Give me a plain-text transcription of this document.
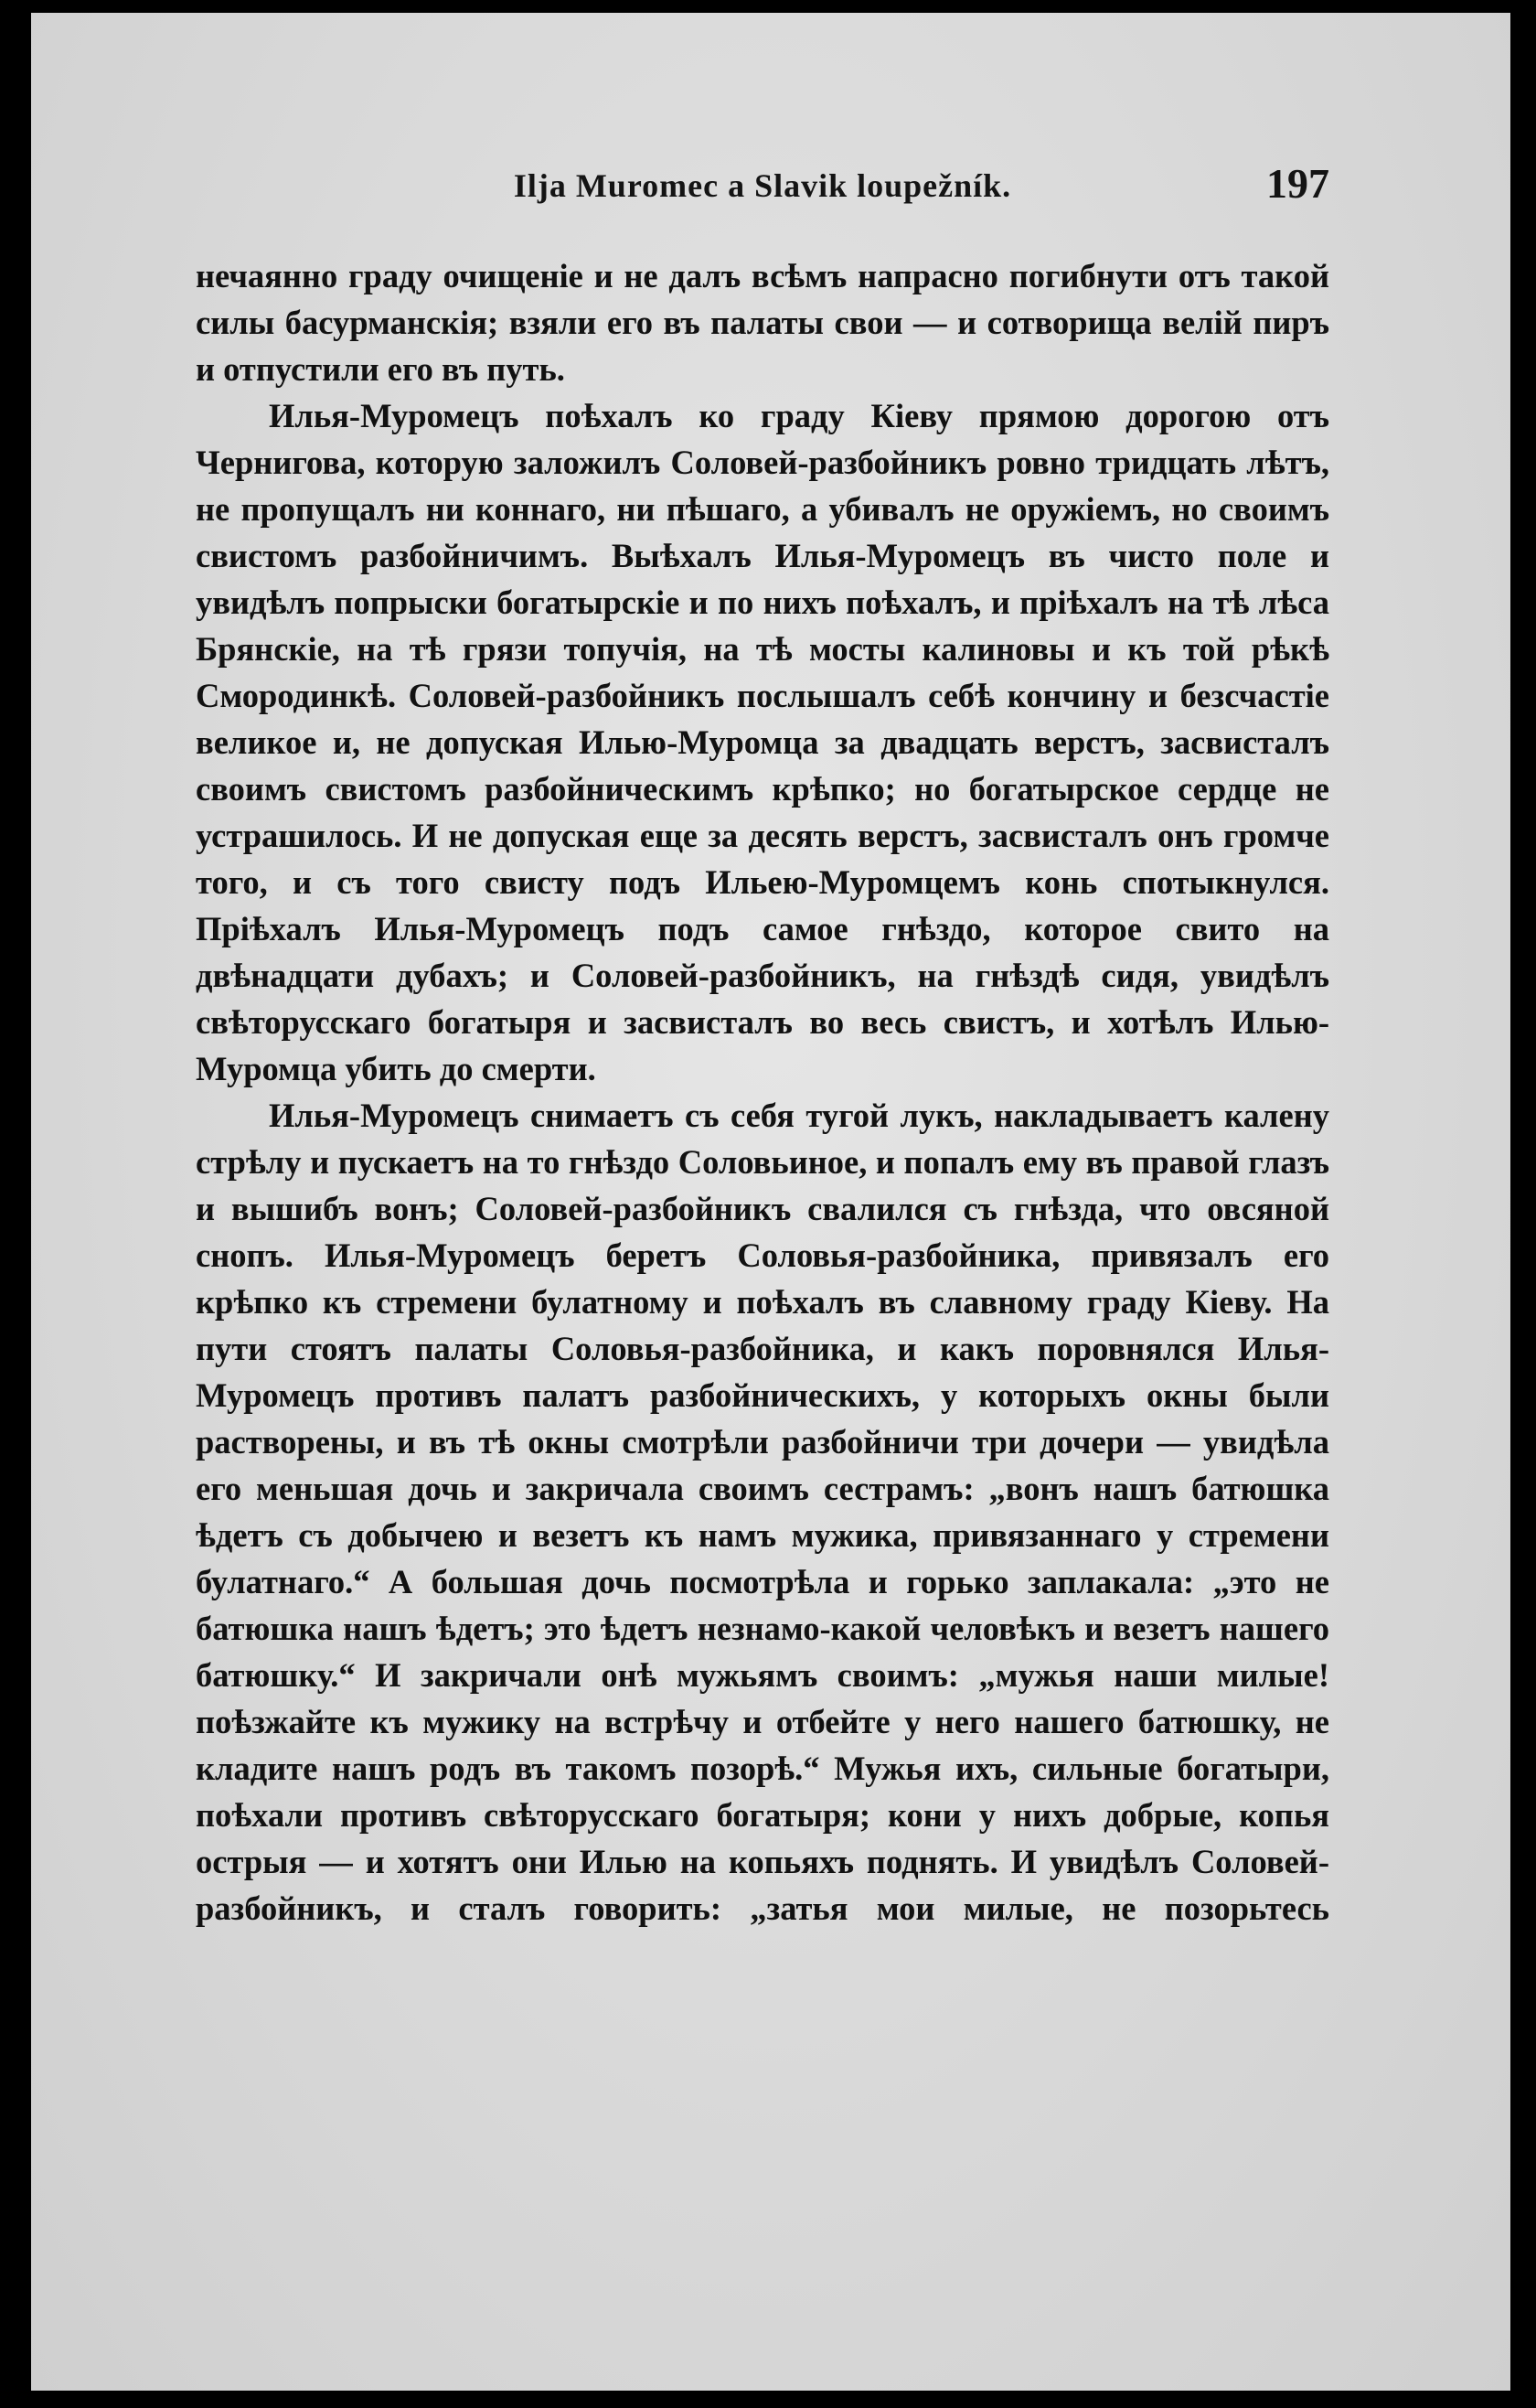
Ilja Muromec a Slavik loupežník.	197

нечаянно граду очищеніе и не далъ всѣмъ напрасно погибнути отъ такой силы басурманскія; взяли его въ палаты свои — и сотворища велій пиръ и отпустили его въ путь.

Илья-Муромецъ поѣхалъ ко граду Кіеву прямою дорогою отъ Чернигова, которую заложилъ Соловей-разбойникъ ровно тридцать лѣтъ, не пропущалъ ни коннаго, ни пѣшаго, а убивалъ не оружіемъ, но своимъ свистомъ разбойничимъ. Выѣхалъ Илья-Муромецъ въ чисто поле и увидѣлъ попрыски богатырскіе и по нихъ поѣхалъ, и пріѣхалъ на тѣ лѣса Брянскіе, на тѣ грязи топучія, на тѣ мосты калиновы и къ той рѣкѣ Смородинкѣ. Соловей-разбойникъ послышалъ себѣ кончину и безсчастіе великое и, не допуская Илью-Муромца за двадцать верстъ, засвисталъ своимъ свистомъ разбойническимъ крѣпко; но богатырское сердце не устрашилось. И не допуская еще за десять верстъ, засвисталъ онъ громче того, и съ того свисту подъ Ильею-Муромцемъ конь спотыкнулся. Пріѣхалъ Илья-Муромецъ подъ самое гнѣздо, которое свито на двѣнадцати дубахъ; и Соловей-разбойникъ, на гнѣздѣ сидя, увидѣлъ свѣторусскаго богатыря и засвисталъ во весь свистъ, и хотѣлъ Илью-Муромца убить до смерти.

Илья-Муромецъ снимаетъ съ себя тугой лукъ, накладываетъ калену стрѣлу и пускаетъ на то гнѣздо Соловьиное, и попалъ ему въ правой глазъ и вышибъ вонъ; Соловей-разбойникъ свалился съ гнѣзда, что овсяной снопъ. Илья-Муромецъ беретъ Соловья-разбойника, привязалъ его крѣпко къ стремени булатному и поѣхалъ въ славному граду Кіеву. На пути стоятъ палаты Соловья-разбойника, и какъ поровнялся Илья-Муромецъ противъ палатъ разбойническихъ, у которыхъ окны были растворены, и въ тѣ окны смотрѣли разбойничи три дочери — увидѣла его меньшая дочь и закричала своимъ сестрамъ: „вонъ нашъ батюшка ѣдетъ съ добычею и везетъ къ намъ мужика, привязаннаго у стремени булатнаго.“ А большая дочь посмотрѣла и горько заплакала: „это не батюшка нашъ ѣдетъ; это ѣдетъ незнамо-какой человѣкъ и везетъ нашего батюшку.“ И закричали онѣ мужьямъ своимъ: „мужья наши милые! поѣзжайте къ мужику на встрѣчу и отбейте у него нашего батюшку, не кладите нашъ родъ въ такомъ позорѣ.“ Мужья ихъ, сильные богатыри, поѣхали противъ свѣторусскаго богатыря; кони у нихъ добрые, копья острыя — и хотятъ они Илью на копьяхъ поднять. И увидѣлъ Соловей-разбойникъ, и сталъ говорить: „затья мои милые, не позорьтесь
